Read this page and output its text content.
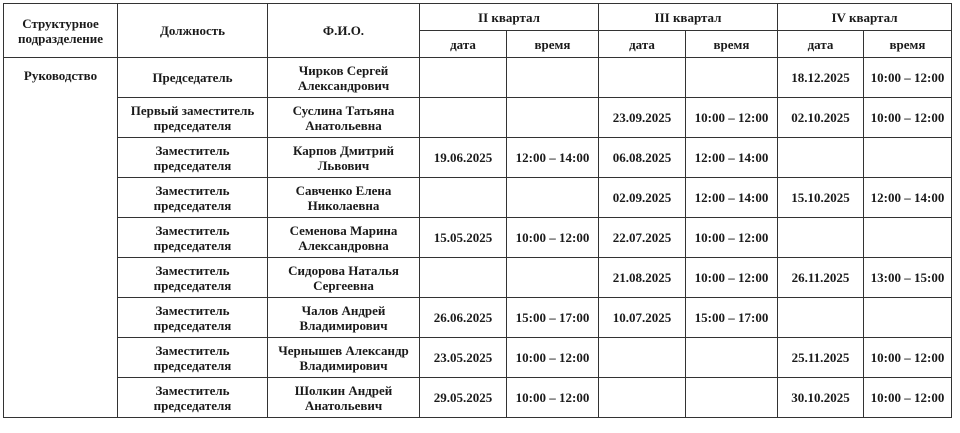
Структурное подразделение	Должность	Ф.И.О.	II квартал		III квартал		IV квартал	
			дата	время	дата	время	дата	время
Руководство	Председатель	Чирков Сергей Александрович					18.12.2025	10:00 – 12:00
	Первый заместитель председателя	Суслина Татьяна Анатольевна			23.09.2025	10:00 – 12:00	02.10.2025	10:00 – 12:00
	Заместитель председателя	Карпов Дмитрий Львович	19.06.2025	12:00 – 14:00	06.08.2025	12:00 – 14:00		
	Заместитель председателя	Савченко Елена Николаевна			02.09.2025	12:00 – 14:00	15.10.2025	12:00 – 14:00
	Заместитель председателя	Семенова Марина Александровна	15.05.2025	10:00 – 12:00	22.07.2025	10:00 – 12:00		
	Заместитель председателя	Сидорова Наталья Сергеевна			21.08.2025	10:00 – 12:00	26.11.2025	13:00 – 15:00
	Заместитель председателя	Чалов Андрей Владимирович	26.06.2025	15:00 – 17:00	10.07.2025	15:00 – 17:00		
	Заместитель председателя	Чернышев Александр Владимирович	23.05.2025	10:00 – 12:00			25.11.2025	10:00 – 12:00
	Заместитель председателя	Шолкин Андрей Анатольевич	29.05.2025	10:00 – 12:00			30.10.2025	10:00 – 12:00
